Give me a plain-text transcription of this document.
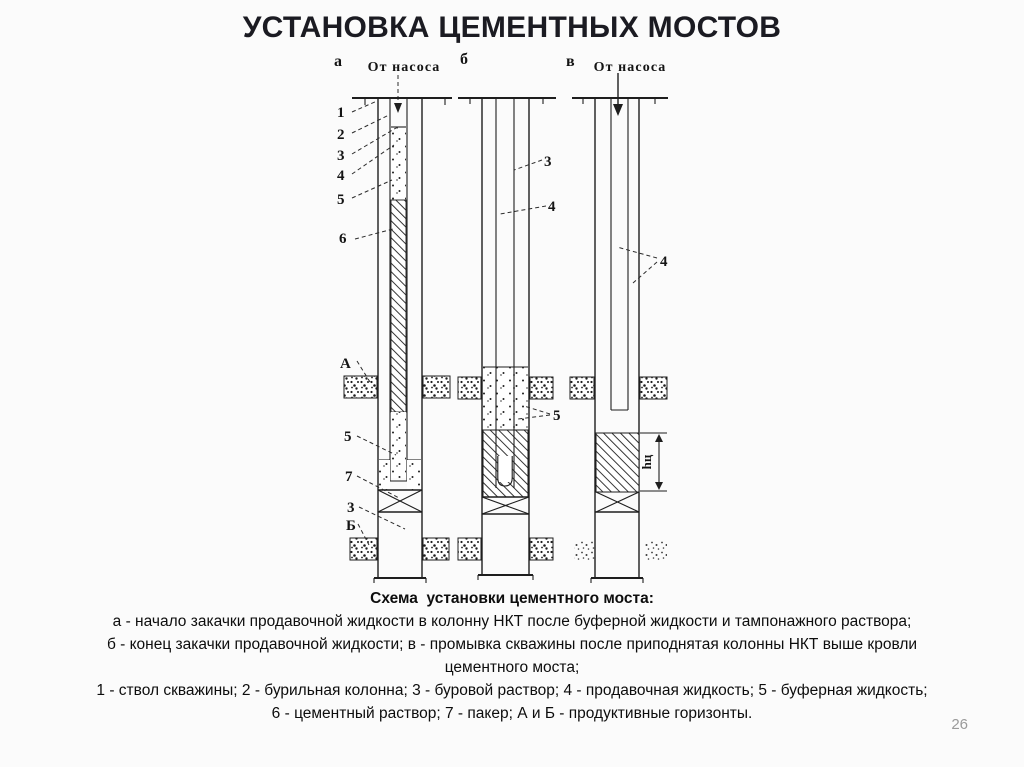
УСТАНОВКА ЦЕМЕНТНЫХ МОСТОВ
а От насоса
1
2
3
4
5
6
А
5
7
3
Б
б
3
4
5
в От насоса
hц
4
Схема  установки цементного моста:
а - начало закачки продавочной жидкости в колонну НКТ после буферной жидкости и тампонажного раствора;
б - конец закачки продавочной жидкости; в - промывка скважины после приподнятая колонны НКТ выше кровли
цементного моста;
1 - ствол скважины; 2 - бурильная колонна; 3 - буровой раствор; 4 - продавочная жидкость; 5 - буферная жидкость;
6 - цементный раствор; 7 - пакер; А и Б - продуктивные горизонты.
26
